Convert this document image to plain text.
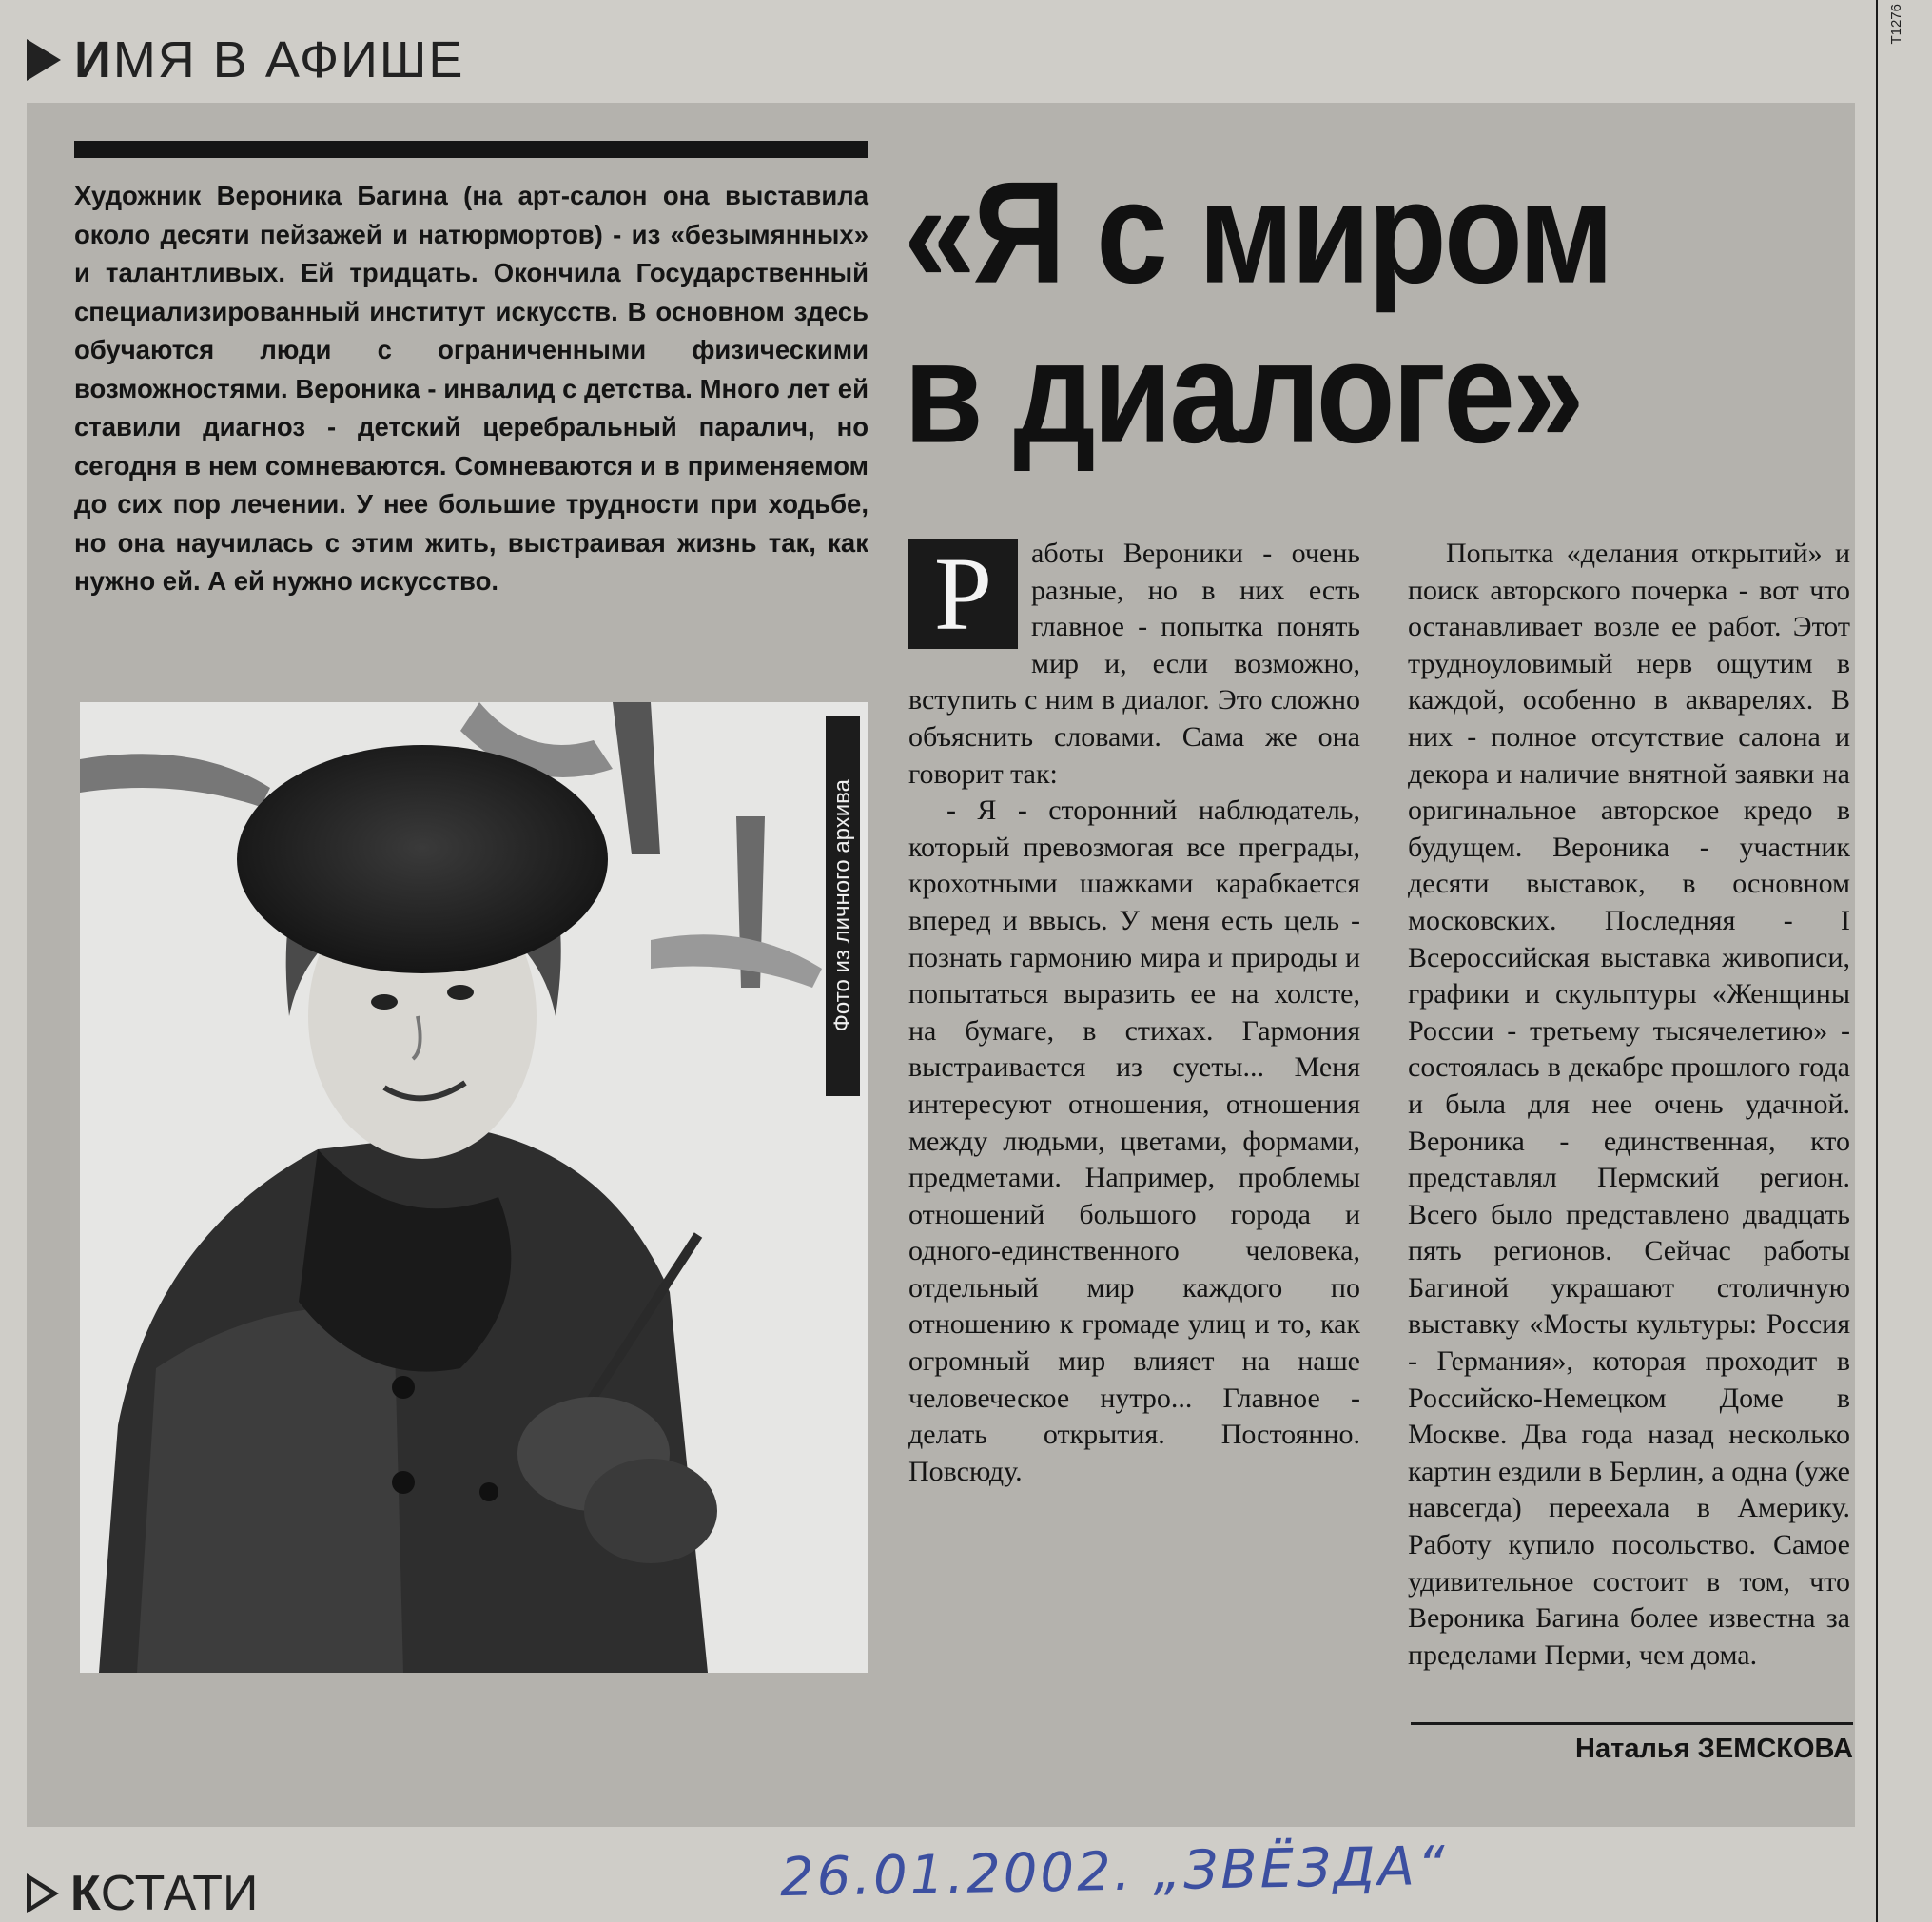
T1276
И МЯ В АФИШЕ
Художник Вероника Багина (на арт-салон она выставила около десяти пейзажей и натюрмортов) - из «безымянных» и талантливых. Ей тридцать. Окончила Государственный специализированный институт искусств. В основном здесь обучаются люди с ограниченными физическими возможностями. Вероника - инвалид с детства. Много лет ей ставили диагноз - детский церебральный паралич, но сегодня в нем сомневаются. Сомневаются и в применяемом до сих пор лечении. У нее большие трудности при ходьбе, но она научилась с этим жить, выстраивая жизнь так, как нужно ей. А ей нужно искусство.
«Я с миром
в диалоге»
Фото из личного архива
Р	аботы Вероники - очень разные, но в них есть главное - попытка понять мир и, если возможно, вступить с ним в диалог. Это сложно объяснить словами. Сама же она говорит так:

- Я - сторонний наблюдатель, который превозмогая все преграды, крохотными шажками карабкается вперед и ввысь. У меня есть цель - познать гармонию мира и природы и попытаться выразить ее на холсте, на бумаге, в стихах. Гармония выстраивается из суеты... Меня интересуют отношения, отношения между людьми, цветами, формами, предметами. Например, проблемы отношений большого города и одного-единственного человека, отдельный мир каждого по отношению к громаде улиц и то, как огромный мир влияет на наше человеческое нутро... Главное - делать открытия. Постоянно. Повсюду.

Попытка «делания открытий» и поиск авторского почерка - вот что останавливает возле ее работ. Этот трудноуловимый нерв ощутим в каждой, особенно в акварелях. В них - полное отсутствие салона и декора и наличие внятной заявки на оригинальное авторское кредо в будущем. Вероника - участник десяти выставок, в основном московских. Последняя - I Всероссийская выставка живописи, графики и скульптуры «Женщины России - третьему тысячелетию» - состоялась в декабре прошлого года и была для нее очень удачной. Вероника - единственная, кто представлял Пермский регион. Всего было представлено двадцать пять регионов. Сейчас работы Багиной украшают столичную выставку «Мосты культуры: Россия - Германия», которая проходит в Российско-Немецком Доме в Москве. Два года назад несколько картин ездили в Берлин, а одна (уже навсегда) переехала в Америку. Работу купило посольство. Самое удивительное состоит в том, что Вероника Багина более известна за пределами Перми, чем дома.

Наталья ЗЕМСКОВА
26.01.2002. „ЗВЁЗДА“
К СТАТИ
